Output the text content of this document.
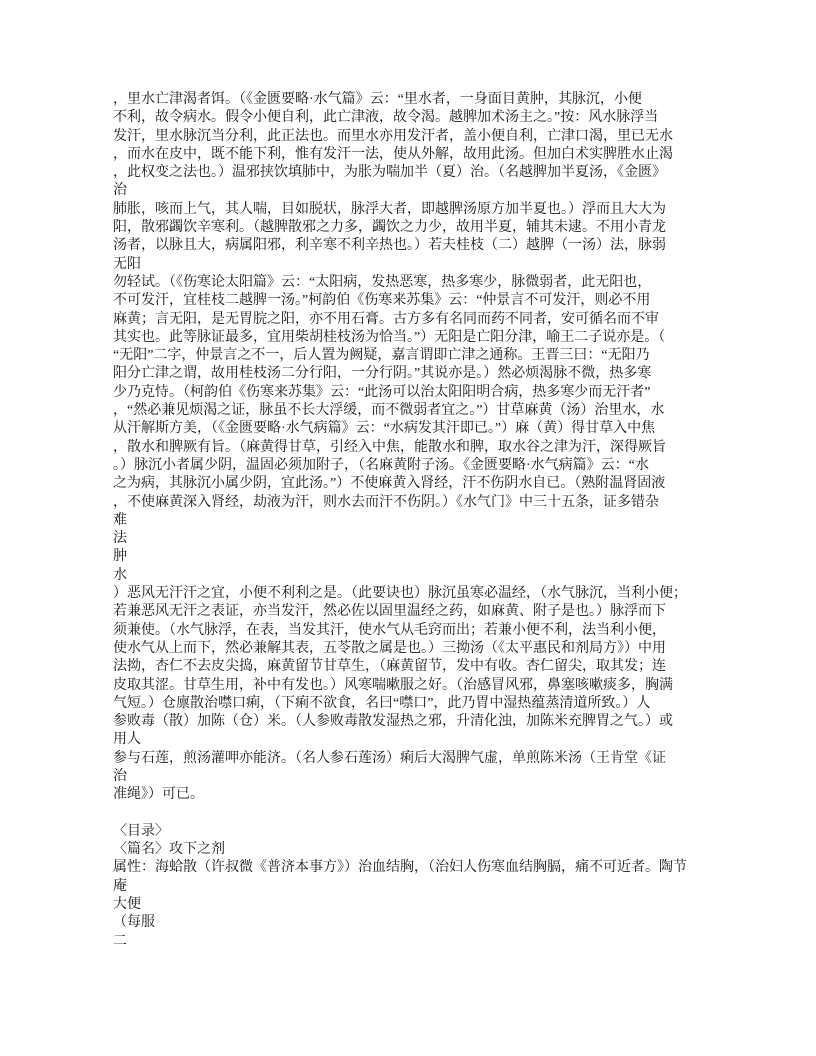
，里水亡津渴者饵。（《金匮要略·水气篇》云：“里水者，一身面目黄肿，其脉沉，小便
不利，故令病水。假令小便自利，此亡津液，故令渴。越脾加术汤主之。”按：风水脉浮当
发汗，里水脉沉当分利，此正法也。而里水亦用发汗者，盖小便自利，亡津口渴，里已无水
，而水在皮中，既不能下利，惟有发汗一法，使从外解，故用此汤。但加白术实脾胜水止渴
，此权变之法也。）温邪挟饮填肺中，为胀为喘加半（夏）治。（名越脾加半夏汤，《金匮》
治
肺胀，咳而上气，其人喘，目如脱状，脉浮大者，即越脾汤原方加半夏也。）浮而且大大为
阳，散邪蠲饮辛寒利。（越脾散邪之力多，蠲饮之力少，故用半夏，辅其未逮。不用小青龙
汤者，以脉且大，病属阳邪，利辛寒不利辛热也。）若夫桂枝（二）越脾（一汤）法，脉弱
无阳
勿轻试。（《伤寒论太阳篇》云：“太阳病，发热恶寒，热多寒少，脉微弱者，此无阳也，
不可发汗，宜桂枝二越脾一汤。”柯韵伯《伤寒来苏集》云：“仲景言不可发汗，则必不用
麻黄；言无阳，是无胃脘之阳，亦不用石膏。古方多有名同而药不同者，安可循名而不审
其实也。此等脉证最多，宜用柴胡桂枝汤为恰当。”）无阳是亡阳分津，喻王二子说亦是。（
“无阳”二字，仲景言之不一，后人置为阙疑，嘉言谓即亡津之通称。王晋三曰：“无阳乃
阳分亡津之谓，故用桂枝汤二分行阳，一分行阴。”其说亦是。）然必烦渴脉不微，热多寒
少乃克恃。（柯韵伯《伤寒来苏集》云：“此汤可以治太阳阳明合病，热多寒少而无汗者”
，“然必兼见烦渴之证，脉虽不长大浮缓，而不微弱者宜之。”）甘草麻黄（汤）治里水，水
从汗解斯方美，（《金匮要略·水气病篇》云：“水病发其汗即已。”）麻（黄）得甘草入中焦
，散水和脾厥有旨。（麻黄得甘草，引经入中焦，能散水和脾，取水谷之津为汗，深得厥旨
。）脉沉小者属少阴，温固必须加附子，（名麻黄附子汤。《金匮要略·水气病篇》云：“水
之为病，其脉沉小属少阴，宜此汤。”）不使麻黄入肾经，汗不伤阴水自已。（熟附温肾固液
，不使麻黄深入肾经，劫液为汗，则水去而汗不伤阴。）《水气门》中三十五条，证多错杂
难
法
肿
水
）恶风无汗汗之宜，小便不利利之是。（此要诀也）脉沉虽寒必温经，（水气脉沉，当利小便；
若兼恶风无汗之表证，亦当发汗，然必佐以固里温经之药，如麻黄、附子是也。）脉浮而下
须兼使。（水气脉浮，在表，当发其汗，使水气从毛窍而出；若兼小便不利，法当利小便，
使水气从上而下，然必兼解其表，五苓散之属是也。）三拗汤（《太平惠民和剂局方》）中用
法拗，杏仁不去皮尖捣，麻黄留节甘草生，（麻黄留节，发中有收。杏仁留尖，取其发；连
皮取其涩。甘草生用，补中有发也。）风寒喘嗽服之好。（治感冒风邪，鼻塞咳嗽痰多，胸满
气短。）仓廪散治噤口痢，（下痢不欲食，名曰“噤口”，此乃胃中湿热蕴蒸清道所致。）人
参败毒（散）加陈（仓）米。（人参败毒散发湿热之邪，升清化浊，加陈米充脾胃之气。）或
用人
参与石莲，煎汤灌呷亦能济。（名人参石莲汤）痢后大渴脾气虚，单煎陈米汤（王肯堂《证
治
准绳》）可已。

〈目录〉
〈篇名〉攻下之剂
属性：海蛤散（许叔微《普济本事方》）治血结胸，（治妇人伤寒血结胸膈，痛不可近者。陶节
庵
大便
（每服
二
